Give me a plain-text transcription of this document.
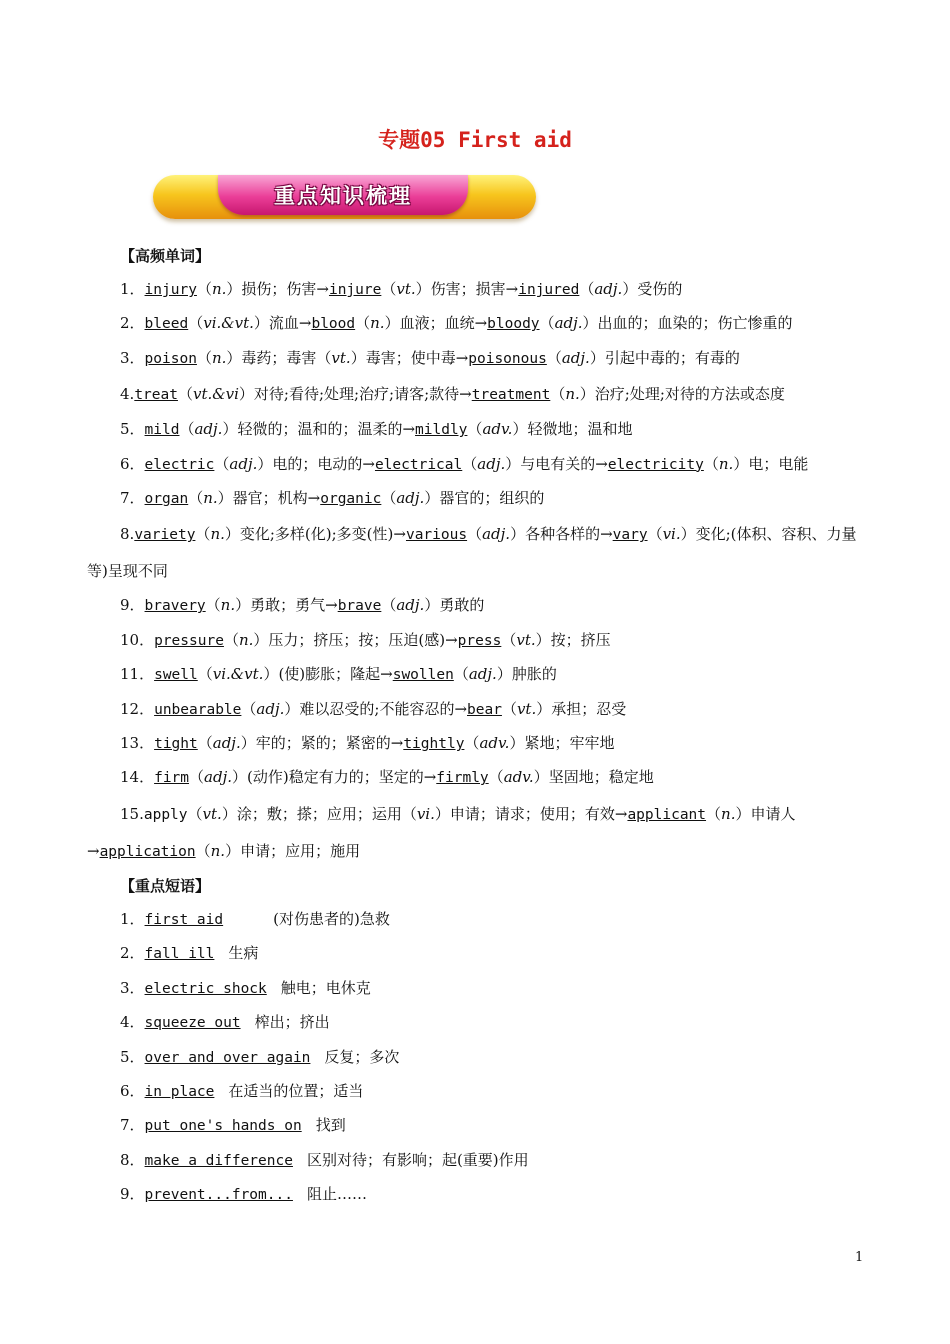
专题05 First aid
重点知识梳理
【高频单词】
1．injury（n.）损伤；伤害→injure（vt.）伤害；损害→injured（adj.）受伤的
2．bleed（vi.&vt.）流血→blood（n.）血液；血统→bloody（adj.）出血的；血染的；伤亡惨重的
3．poison（n.）毒药；毒害（vt.）毒害；使中毒→poisonous（adj.）引起中毒的；有毒的
4.treat（vt.&vi）对待;看待;处理;治疗;请客;款待→treatment（n.）治疗;处理;对待的方法或态度
5．mild（adj.）轻微的；温和的；温柔的→mildly（adv.）轻微地；温和地
6．electric（adj.）电的；电动的→electrical（adj.）与电有关的→electricity（n.）电；电能
7．organ（n.）器官；机构→organic（adj.）器官的；组织的
8.variety（n.）变化;多样(化);多变(性)→various（adj.）各种各样的→vary（vi.）变化;(体积、容积、力量等)呈现不同
9．bravery（n.）勇敢；勇气→brave（adj.）勇敢的
10．pressure（n.）压力；挤压；按；压迫(感)→press（vt.）按；挤压
11．swell（vi.&vt.）(使)膨胀；隆起→swollen（adj.）肿胀的
12．unbearable（adj.）难以忍受的;不能容忍的→bear（vt.）承担；忍受
13．tight（adj.）牢的；紧的；紧密的→tightly（adv.）紧地；牢牢地
14．firm（adj.）(动作)稳定有力的；坚定的→firmly（adv.）坚固地；稳定地
15.apply（vt.）涂；敷；搽；应用；运用（vi.）申请；请求；使用；有效→applicant（n.）申请人→application（n.）申请；应用；施用
【重点短语】
1．first aid	(对伤患者的)急救
2．fall ill 生病
3．electric shock 触电；电休克
4．squeeze out 榨出；挤出
5．over and over again 反复；多次
6．in place 在适当的位置；适当
7．put one's hands on 找到
8．make a difference 区别对待；有影响；起(重要)作用
9．prevent...from... 阻止……
1
